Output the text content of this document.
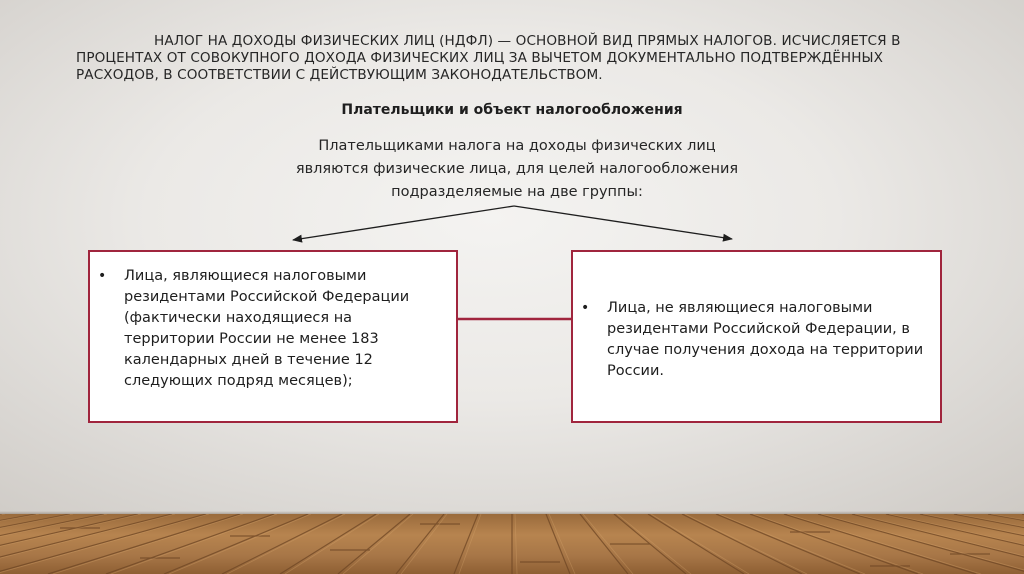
НАЛОГ НА ДОХОДЫ ФИЗИЧЕСКИХ ЛИЦ (НДФЛ) — ОСНОВНОЙ ВИД ПРЯМЫХ НАЛОГОВ. ИСЧИСЛЯЕТСЯ В ПРОЦЕНТАХ ОТ СОВОКУПНОГО ДОХОДА ФИЗИЧЕСКИХ ЛИЦ ЗА ВЫЧЕТОМ ДОКУМЕНТАЛЬНО ПОДТВЕРЖДЁННЫХ РАСХОДОВ, В СООТВЕТСТВИИ С ДЕЙСТВУЮЩИМ ЗАКОНОДАТЕЛЬСТВОМ.

Плательщики и объект налогообложения

Плательщиками налога на доходы физических лиц являются физические лица, для целей налогообложения подразделяемые на две группы:

•	Лица, являющиеся налоговыми резидентами Российской Федерации (фактически находящиеся на территории России не менее 183 календарных дней в течение 12 следующих подряд месяцев);
•	Лица, не являющиеся налоговыми резидентами Российской Федерации, в случае получения дохода на территории России.
